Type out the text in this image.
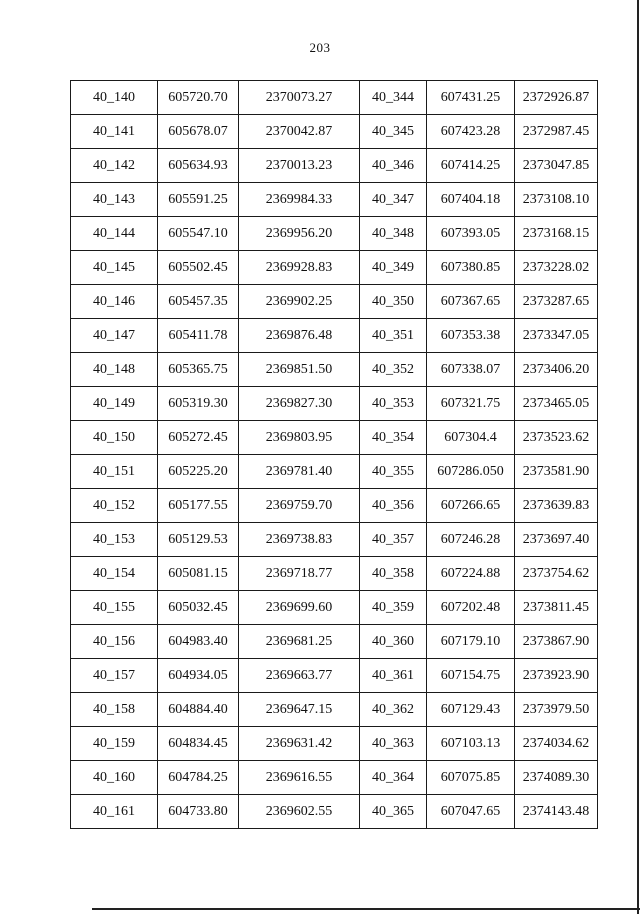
203
40_140	605720.70	2370073.27	40_344	607431.25	2372926.87
40_141	605678.07	2370042.87	40_345	607423.28	2372987.45
40_142	605634.93	2370013.23	40_346	607414.25	2373047.85
40_143	605591.25	2369984.33	40_347	607404.18	2373108.10
40_144	605547.10	2369956.20	40_348	607393.05	2373168.15
40_145	605502.45	2369928.83	40_349	607380.85	2373228.02
40_146	605457.35	2369902.25	40_350	607367.65	2373287.65
40_147	605411.78	2369876.48	40_351	607353.38	2373347.05
40_148	605365.75	2369851.50	40_352	607338.07	2373406.20
40_149	605319.30	2369827.30	40_353	607321.75	2373465.05
40_150	605272.45	2369803.95	40_354	607304.4	2373523.62
40_151	605225.20	2369781.40	40_355	607286.050	2373581.90
40_152	605177.55	2369759.70	40_356	607266.65	2373639.83
40_153	605129.53	2369738.83	40_357	607246.28	2373697.40
40_154	605081.15	2369718.77	40_358	607224.88	2373754.62
40_155	605032.45	2369699.60	40_359	607202.48	2373811.45
40_156	604983.40	2369681.25	40_360	607179.10	2373867.90
40_157	604934.05	2369663.77	40_361	607154.75	2373923.90
40_158	604884.40	2369647.15	40_362	607129.43	2373979.50
40_159	604834.45	2369631.42	40_363	607103.13	2374034.62
40_160	604784.25	2369616.55	40_364	607075.85	2374089.30
40_161	604733.80	2369602.55	40_365	607047.65	2374143.48
